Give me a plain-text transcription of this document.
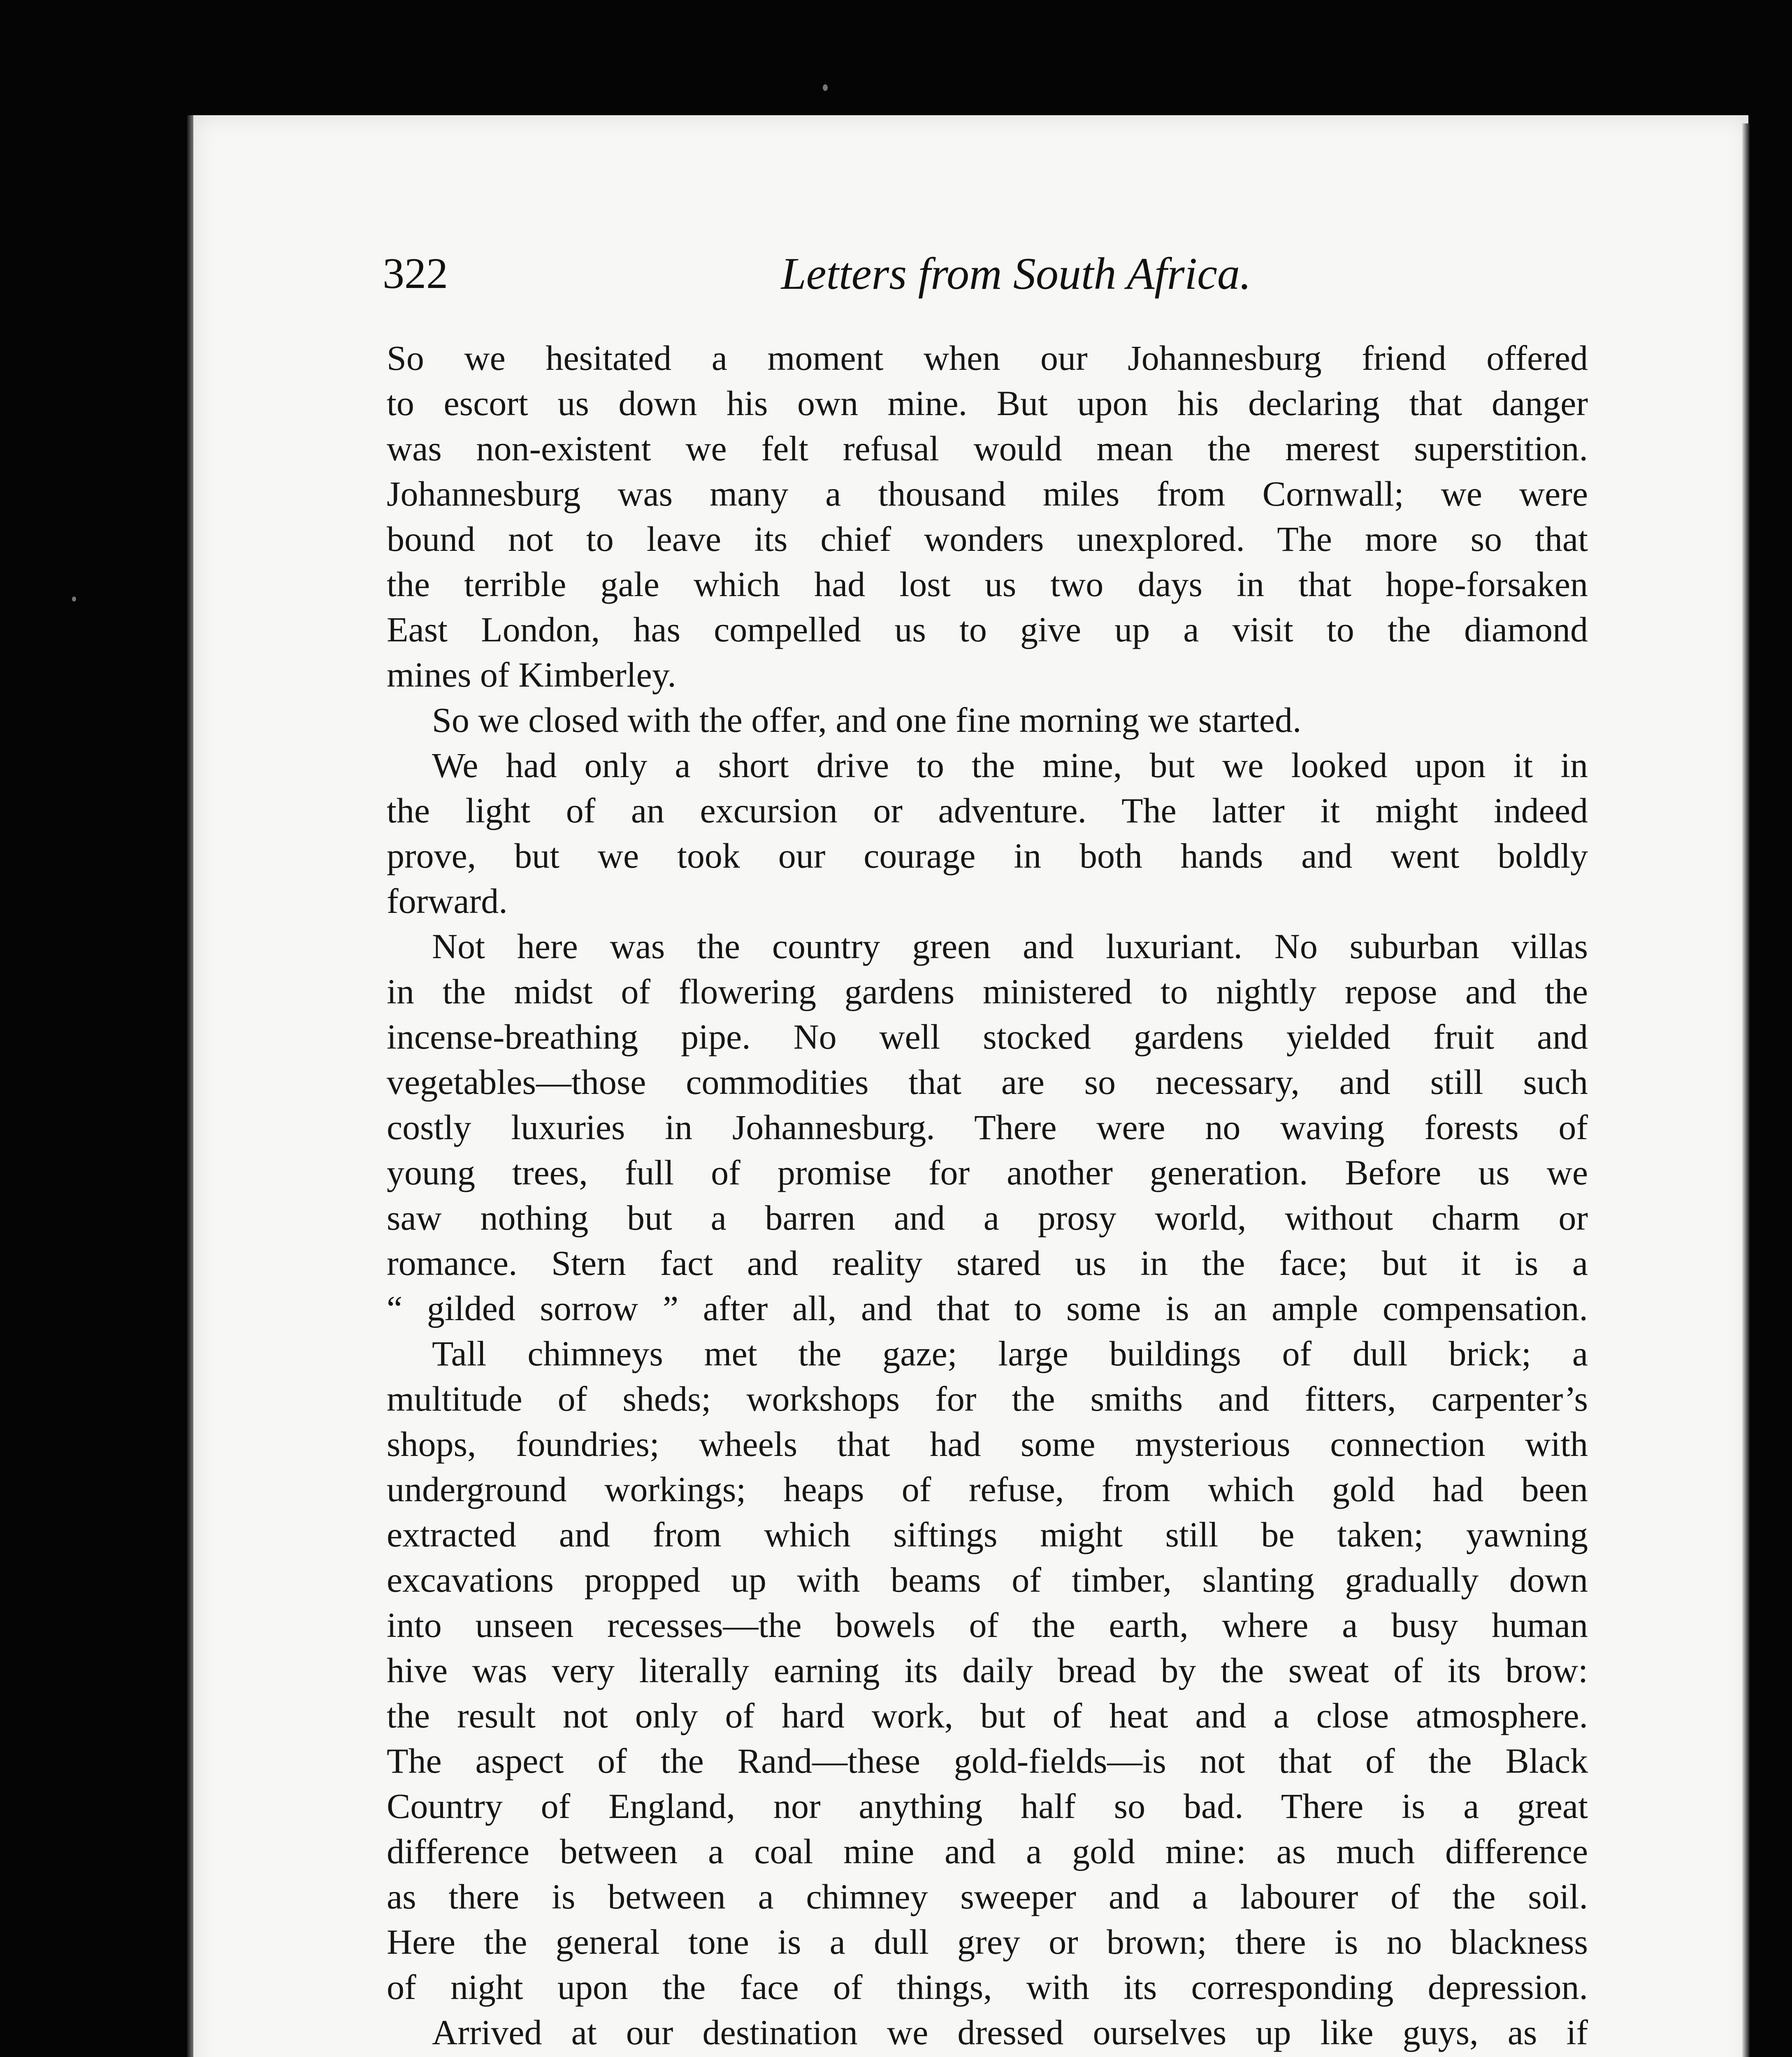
322	Letters from South Africa.
So we hesitated a moment when our Johannesburg friend offered
to escort us down his own mine. But upon his declaring that danger
was non-existent we felt refusal would mean the merest superstition.
Johannesburg was many a thousand miles from Cornwall; we were
bound not to leave its chief wonders unexplored. The more so that
the terrible gale which had lost us two days in that hope-forsaken
East London, has compelled us to give up a visit to the diamond
mines of Kimberley.
So we closed with the offer, and one fine morning we started.
We had only a short drive to the mine, but we looked upon it in
the light of an excursion or adventure. The latter it might indeed
prove, but we took our courage in both hands and went boldly
forward.
Not here was the country green and luxuriant. No suburban villas
in the midst of flowering gardens ministered to nightly repose and the
incense-breathing pipe. No well stocked gardens yielded fruit and
vegetables—those commodities that are so necessary, and still such
costly luxuries in Johannesburg. There were no waving forests of
young trees, full of promise for another generation. Before us we
saw nothing but a barren and a prosy world, without charm or
romance. Stern fact and reality stared us in the face; but it is a
“ gilded sorrow ” after all, and that to some is an ample compensation.
Tall chimneys met the gaze; large buildings of dull brick; a
multitude of sheds; workshops for the smiths and fitters, carpenter’s
shops, foundries; wheels that had some mysterious connection with
underground workings; heaps of refuse, from which gold had been
extracted and from which siftings might still be taken; yawning
excavations propped up with beams of timber, slanting gradually down
into unseen recesses—the bowels of the earth, where a busy human
hive was very literally earning its daily bread by the sweat of its brow:
the result not only of hard work, but of heat and a close atmosphere.
The aspect of the Rand—these gold-fields—is not that of the Black
Country of England, nor anything half so bad. There is a great
difference between a coal mine and a gold mine: as much difference
as there is between a chimney sweeper and a labourer of the soil.
Here the general tone is a dull grey or brown; there is no blackness
of night upon the face of things, with its corresponding depression.
Arrived at our destination we dressed ourselves up like guys, as if
